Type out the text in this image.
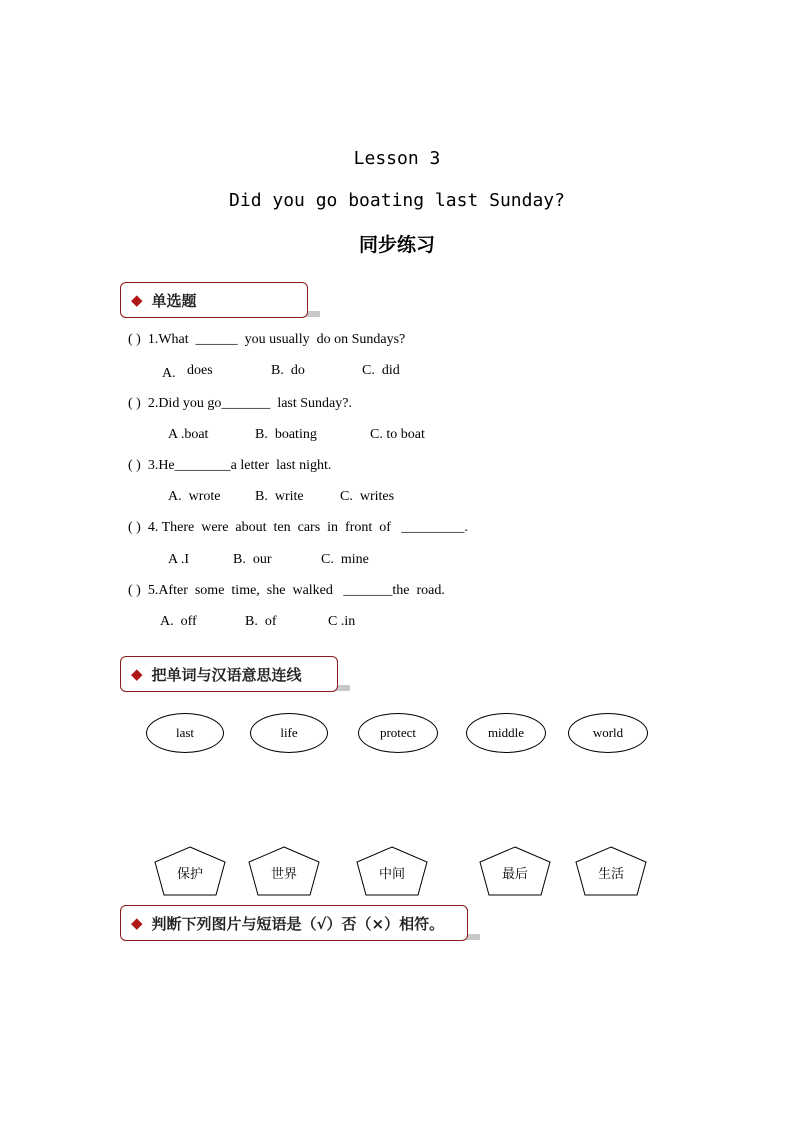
Lesson 3
Did you go boating last Sunday?
同步练习
◆ 单选题
( )  1.What  ______  you usually  do on Sundays?
A. does	B.  do	C.  did
( )  2.Did you go_______  last Sunday?.
A .boat	B.  boating	C. to boat
( )  3.He________a letter  last night.
A.  wrote B.  write	C.  writes
( )  4. There  were  about  ten  cars  in  front  of   _________.
A .I	B.  our	C.  mine
( )  5.After  some  time,  she  walked   _______the  road.
A.  off	B.  of	C .in
◆ 把单词与汉语意思连线
last	life	protect	middle	world
保护	世界	中间	最后	生活
◆ 判断下列图片与短语是（√）否（×）相符。
